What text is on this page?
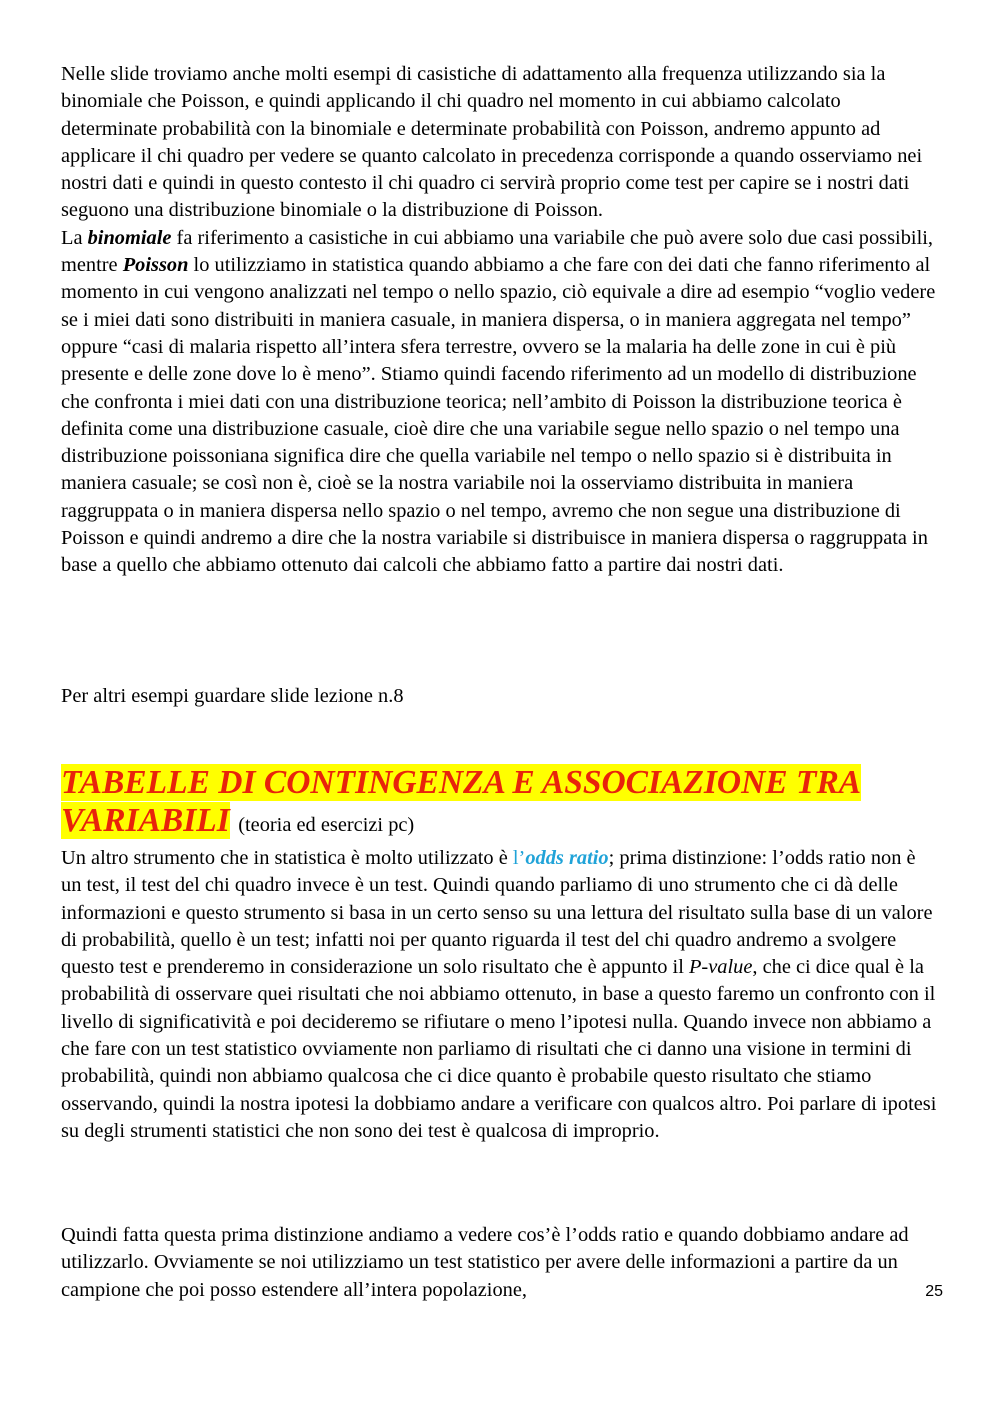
Nelle slide troviamo anche molti esempi di casistiche di adattamento alla frequenza utilizzando sia la binomiale che Poisson, e quindi applicando il chi quadro nel momento in cui abbiamo calcolato determinate probabilità con la binomiale e determinate probabilità con Poisson, andremo appunto ad applicare il chi quadro per vedere se quanto calcolato in precedenza corrisponde a quando osserviamo nei nostri dati e quindi in questo contesto il chi quadro ci servirà proprio come test per capire se i nostri dati seguono una distribuzione binomiale o la distribuzione di Poisson.

La binomiale fa riferimento a casistiche in cui abbiamo una variabile che può avere solo due casi possibili, mentre Poisson lo utilizziamo in statistica quando abbiamo a che fare con dei dati che fanno riferimento al momento in cui vengono analizzati nel tempo o nello spazio, ciò equivale a dire ad esempio “voglio vedere se i miei dati sono distribuiti in maniera casuale, in maniera dispersa, o in maniera aggregata nel tempo” oppure “casi di malaria rispetto all’intera sfera terrestre, ovvero se la malaria ha delle zone in cui è più presente e delle zone dove lo è meno”. Stiamo quindi facendo riferimento ad un modello di distribuzione che confronta i miei dati con una distribuzione teorica; nell’ambito di Poisson la distribuzione teorica è definita come una distribuzione casuale, cioè dire che una variabile segue nello spazio o nel tempo una distribuzione poissoniana significa dire che quella variabile nel tempo o nello spazio si è distribuita in maniera casuale; se così non è, cioè se la nostra variabile noi la osserviamo distribuita in maniera raggruppata o in maniera dispersa nello spazio o nel tempo, avremo che non segue una distribuzione di Poisson e quindi andremo a dire che la nostra variabile si distribuisce in maniera dispersa o raggruppata in base a quello che abbiamo ottenuto dai calcoli che abbiamo fatto a partire dai nostri dati.

Per altri esempi guardare slide lezione n.8
TABELLE DI CONTINGENZA E ASSOCIAZIONE TRA
VARIABILI (teoria ed esercizi pc)

Un altro strumento che in statistica è molto utilizzato è l’odds ratio; prima distinzione: l’odds ratio non è un test, il test del chi quadro invece è un test. Quindi quando parliamo di uno strumento che ci dà delle informazioni e questo strumento si basa in un certo senso su una lettura del risultato sulla base di un valore di probabilità, quello è un test; infatti noi per quanto riguarda il test del chi quadro andremo a svolgere questo test e prenderemo in considerazione un solo risultato che è appunto il P-value, che ci dice qual è la probabilità di osservare quei risultati che noi abbiamo ottenuto, in base a questo faremo un confronto con il livello di significatività e poi decideremo se rifiutare o meno l’ipotesi nulla. Quando invece non abbiamo a che fare con un test statistico ovviamente non parliamo di risultati che ci danno una visione in termini di probabilità, quindi non abbiamo qualcosa che ci dice quanto è probabile questo risultato che stiamo osservando, quindi la nostra ipotesi la dobbiamo andare a verificare con qualcos altro. Poi parlare di ipotesi su degli strumenti statistici che non sono dei test è qualcosa di improprio.

Quindi fatta questa prima distinzione andiamo a vedere cos’è l’odds ratio e quando dobbiamo andare ad utilizzarlo. Ovviamente se noi utilizziamo un test statistico per avere delle informazioni a partire da un campione che poi posso estendere all’intera popolazione,	25
